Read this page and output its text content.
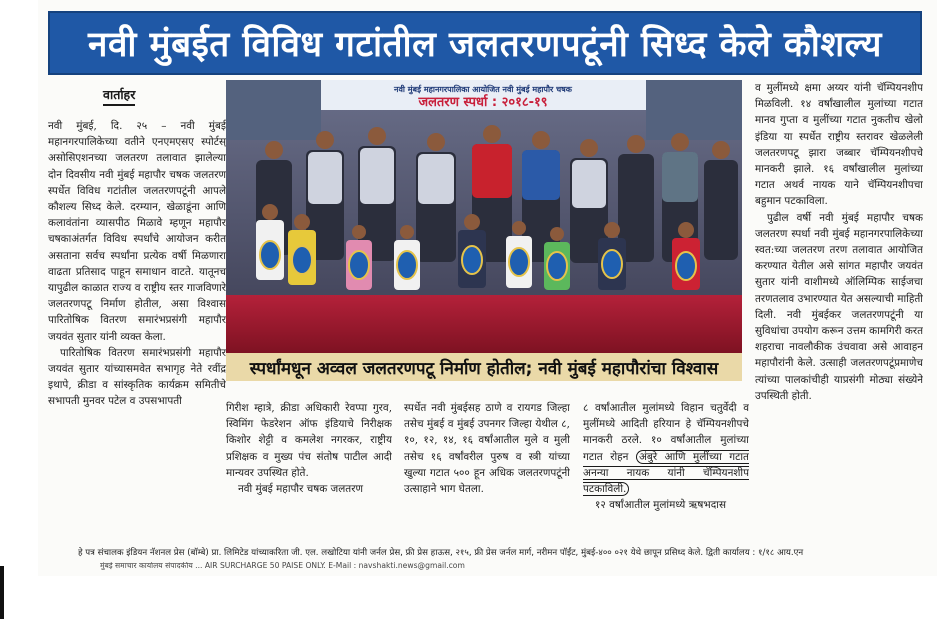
नवी मुंबईत विविध गटांतील जलतरणपटूंनी सिध्द केले कौशल्य
वार्ताहर

नवी मुंबई, दि. २५ – नवी मुंबई महानगरपालिकेच्या वतीने एनएमएसए स्पोर्टस् असोसिएशनच्या जलतरण तलावात झालेल्या दोन दिवसीय नवी मुंबई महापौर चषक जलतरण स्पर्धेत विविध गटांतील जलतरणपटूंनी आपले कौशल्य सिध्द केले. दरम्यान, खेळाडूंना आणि कलावंतांना व्यासपीठ मिळावे म्हणून महापौर चषकाअंतर्गत विविध स्पर्धांचे आयोजन करीत असताना सर्वच स्पर्धांना प्रत्येक वर्षी मिळणारा वाढता प्रतिसाद पाहून समाधान वाटते. यातूनच यापुढील काळात राज्य व राष्ट्रीय स्तर गाजविणारे जलतरणपटू निर्माण होतील, असा विश्वास पारितोषिक वितरण समारंभप्रसंगी महापौर जयवंत सुतार यांनी व्यक्त केला.

पारितोषिक वितरण समारंभप्रसंगी महापौर जयवंत सुतार यांच्यासमवेत सभागृह नेते रवींद्र इथापे, क्रीडा व सांस्कृतिक कार्यक्रम समितीचे सभापती मुनवर पटेल व उपसभापती

नवी मुंबई महानगरपालिका आयोजित नवी मुंबई महापौर चषक
जलतरण स्पर्धा : २०१८-१९
स्पर्धांमधून अव्वल जलतरणपटू निर्माण होतील; नवी मुंबई महापौरांचा विश्वास

गिरीश म्हात्रे, क्रीडा अधिकारी रेवप्पा गुरव, स्विमिंग फेडरेशन ऑफ इंडियाचे निरीक्षक किशोर शेट्टी व कमलेश नगरकर, राष्ट्रीय प्रशिक्षक व मुख्य पंच संतोष पाटील आदी मान्यवर उपस्थित होते.

नवी मुंबई महापौर चषक जलतरण

स्पर्धेत नवी मुंबईसह ठाणे व रायगड जिल्हा तसेच मुंबई व मुंबई उपनगर जिल्हा येथील ८, १०, १२, १४, १६ वर्षांआतील मुले व मुली तसेच १६ वर्षांवरील पुरुष व स्त्री यांच्या खुल्या गटात ५०० हून अधिक जलतरणपटूंनी उत्साहाने भाग घेतला.

८ वर्षांआतील मुलांमध्ये विहान चतुर्वेदी व मुलींमध्ये आदिती हरियान हे चॅम्पियनशीपचे मानकरी ठरले. १० वर्षांआतील मुलांच्या गटात रोहन अंबुरे आणि मुलींच्या गटात अनन्या नायक यांनी चॅम्पियनशीप पटकाविली.

१२ वर्षांआतील मुलांमध्ये ऋषभदास

व मुलींमध्ये क्षमा अय्यर यांनी चॅम्पियनशीप मिळविली. १४ वर्षांखालील मुलांच्या गटात मानव गुप्ता व मुलींच्या गटात नुकतीच खेलो इंडिया या स्पर्धेत राष्ट्रीय स्तरावर खेळलेली जलतरणपटू झारा जब्बार चॅम्पियनशीपचे मानकरी झाले. १६ वर्षांखालील मुलांच्या गटात अथर्व नायक याने चॅम्पियनशीपचा बहुमान पटकाविला.

पुढील वर्षी नवी मुंबई महापौर चषक जलतरण स्पर्धा नवी मुंबई महानगरपालिकेच्या स्वत:च्या जलतरण तरण तलावात आयोजित करण्यात येतील असे सांगत महापौर जयवंत सुतार यांनी वाशीमध्ये ऑलिम्पिक साईजचा तरणतलाव उभारण्यात येत असल्याची माहिती दिली. नवी मुंबईकर जलतरणपटूंनी या सुविधांचा उपयोग करून उत्तम कामगिरी करत शहराचा नावलौकीक उंचवावा असे आवाहन महापौरांनी केले. उत्साही जलतरणपटूंप्रमाणेच त्यांच्या पालकांचीही याप्रसंगी मोठ्या संख्येने उपस्थिती होती.

हे पत्र संचालक इंडियन नॅशनल प्रेस (बॉम्बे) प्रा. लिमिटेड यांच्याकरिता जी. एल. लखोटिया यांनी जर्नल प्रेस, फ्री प्रेस हाऊस, २१५, फ्री प्रेस जर्नल मार्ग, नरीमन पॉईंट, मुंबई-४०० ०२१ येथे छापून प्रसिध्द केले. द्विती कार्यालय : १/१८ आय.एन
मुंबई समाचार कार्यालय संपादकीय ... AIR SURCHARGE 50 PAISE ONLY. E-Mail : navshakti.news@gmail.com
